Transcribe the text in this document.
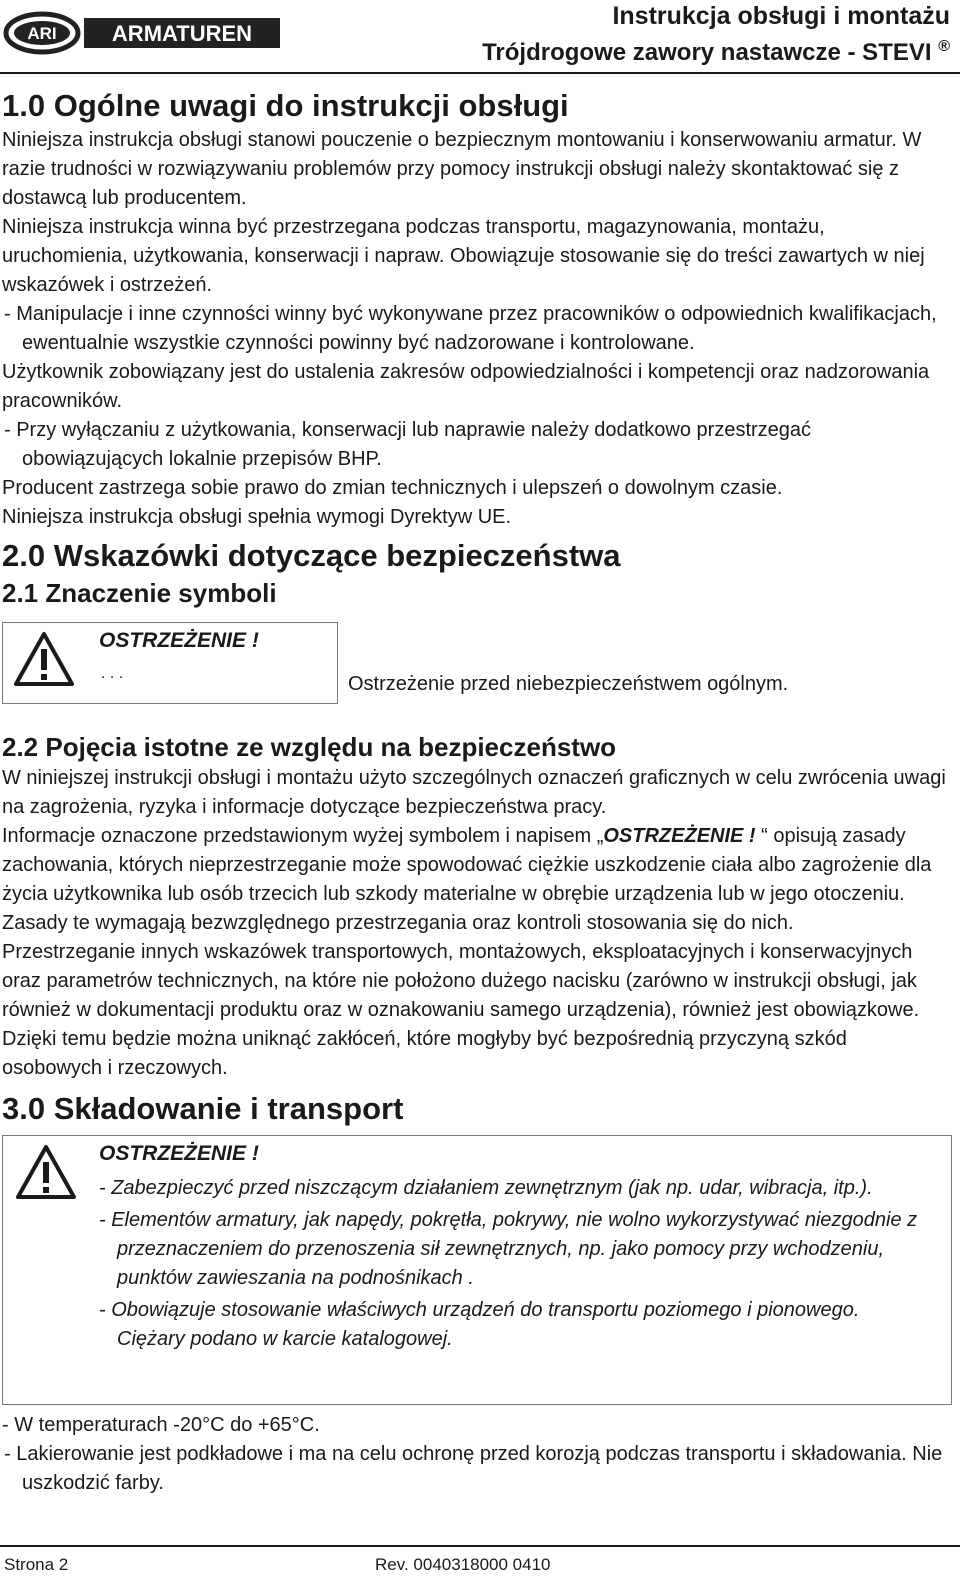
ARI	ARMATUREN
Instrukcja obsługi i montażu
Trójdrogowe zawory nastawcze - STEVI ®
1.0 Ogólne uwagi do instrukcji obsługi

Niniejsza instrukcja obsługi stanowi pouczenie o bezpiecznym montowaniu i konserwowaniu armatur. W razie trudności w rozwiązywaniu problemów przy pomocy instrukcji obsługi należy skontaktować się z dostawcą lub producentem.

Niniejsza instrukcja winna być przestrzegana podczas transportu, magazynowania, montażu, uruchomienia, użytkowania, konserwacji i napraw. Obowiązuje stosowanie się do treści zawartych w niej wskazówek i ostrzeżeń.

- Manipulacje i inne czynności winny być wykonywane przez pracowników o odpowiednich kwalifikacjach, ewentualnie wszystkie czynności powinny być nadzorowane i kontrolowane.

Użytkownik zobowiązany jest do ustalenia zakresów odpowiedzialności i kompetencji oraz nadzorowania pracowników.

- Przy wyłączaniu z użytkowania, konserwacji lub naprawie należy dodatkowo przestrzegać obowiązujących lokalnie przepisów BHP.

Producent zastrzega sobie prawo do zmian technicznych i ulepszeń o dowolnym czasie.

Niniejsza instrukcja obsługi spełnia wymogi Dyrektyw UE.

2.0 Wskazówki dotyczące bezpieczeństwa
2.1 Znaczenie symboli
OSTRZEŻENIE !
. . .	Ostrzeżenie przed niebezpieczeństwem ogólnym.
2.2 Pojęcia istotne ze względu na bezpieczeństwo

W niniejszej instrukcji obsługi i montażu użyto szczególnych oznaczeń graficznych w celu zwrócenia uwagi na zagrożenia, ryzyka i informacje dotyczące bezpieczeństwa pracy.

Informacje oznaczone przedstawionym wyżej symbolem i napisem „OSTRZEŻENIE ! “ opisują zasady zachowania, których nieprzestrzeganie może spowodować ciężkie uszkodzenie ciała albo zagrożenie dla życia użytkownika lub osób trzecich lub szkody materialne w obrębie urządzenia lub w jego otoczeniu. Zasady te wymagają bezwzględnego przestrzegania oraz kontroli stosowania się do nich.

Przestrzeganie innych wskazówek transportowych, montażowych, eksploatacyjnych i konserwacyjnych oraz parametrów technicznych, na które nie położono dużego nacisku (zarówno w instrukcji obsługi, jak również w dokumentacji produktu oraz w oznakowaniu samego urządzenia), również jest obowiązkowe. Dzięki temu będzie można uniknąć zakłóceń, które mogłyby być bezpośrednią przyczyną szkód osobowych i rzeczowych.

3.0 Składowanie i transport
OSTRZEŻENIE !
- Zabezpieczyć przed niszczącym działaniem zewnętrznym (jak np. udar, wibracja, itp.).
- Elementów armatury, jak napędy, pokrętła, pokrywy, nie wolno wykorzystywać niezgodnie z przeznaczeniem do przenoszenia sił zewnętrznych, np. jako pomocy przy wchodzeniu, punktów zawieszania na podnośnikach .
- Obowiązuje stosowanie właściwych urządzeń do transportu poziomego i pionowego.
Ciężary podano w karcie katalogowej.

- W temperaturach -20°C do +65°C.

- Lakierowanie jest podkładowe i ma na celu ochronę przed korozją podczas transportu i składowania. Nie uszkodzić farby.

Strona 2	Rev. 0040318000 0410
